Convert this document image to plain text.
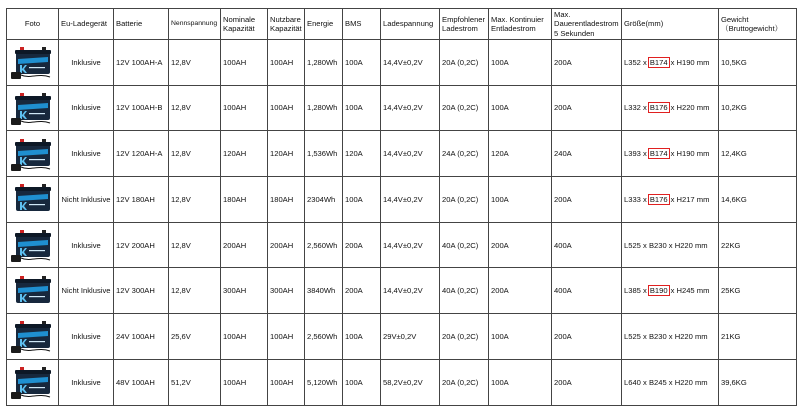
Foto	Eu-Ladegerät	Batterie	Nennspannung	Nominale Kapazität	Nutzbare Kapazität	Energie	BMS	Ladespannung	Empfohlener Ladestrom	Max. Kontinuier Entladestrom	Max. Dauerentladestrom 5 Sekunden	Größe(mm)	Gewicht（Bruttogewicht）

	Inklusive	12V 100AH-A	12,8V	100AH	100AH	1,280Wh	100A	14,4V±0,2V	20A (0,2C)	100A	200A	L352 x B174 x H190 mm	10,5KG

	Inklusive	12V 100AH-B	12,8V	100AH	100AH	1,280Wh	100A	14,4V±0,2V	20A (0,2C)	100A	200A	L332 x B176 x H220 mm	10,2KG

	Inklusive	12V 120AH-A	12,8V	120AH	120AH	1,536Wh	120A	14,4V±0,2V	24A (0,2C)	120A	240A	L393 x B174 x H190 mm	12,4KG

	Nicht Inklusive	12V 180AH	12,8V	180AH	180AH	2304Wh	100A	14,4V±0,2V	20A (0,2C)	100A	200A	L333 x B176 x H217 mm	14,6KG

	Inklusive	12V 200AH	12,8V	200AH	200AH	2,560Wh	200A	14,4V±0,2V	40A (0,2C)	200A	400A	L525 x B230 x H220 mm	22KG

	Nicht Inklusive	12V 300AH	12,8V	300AH	300AH	3840Wh	200A	14,4V±0,2V	40A (0,2C)	200A	400A	L385 x B190 x H245 mm	25KG

	Inklusive	24V 100AH	25,6V	100AH	100AH	2,560Wh	100A	29V±0,2V	20A (0,2C)	100A	200A	L525 x B230 x H220 mm	21KG

	Inklusive	48V 100AH	51,2V	100AH	100AH	5,120Wh	100A	58,2V±0,2V	20A (0,2C)	100A	200A	L640 x B245 x H220 mm	39,6KG
